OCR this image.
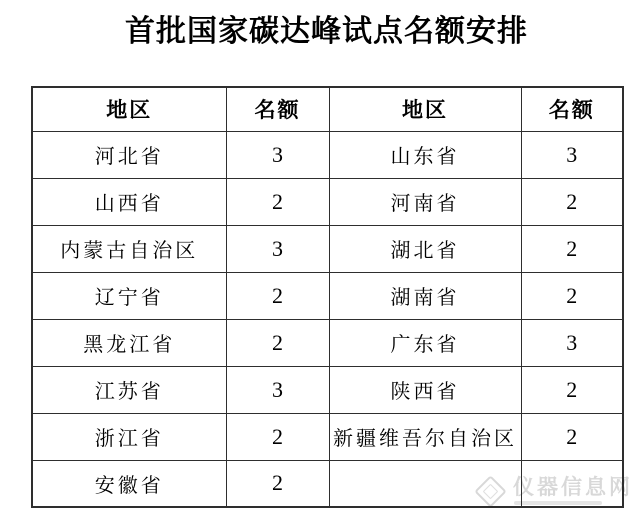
首批国家碳达峰试点名额安排
地区	名额	地区	名额
河北省	3	山东省	3
山西省	2	河南省	2
内蒙古自治区	3	湖北省	2
辽宁省	2	湖南省	2
黑龙江省	2	广东省	3
江苏省	3	陕西省	2
浙江省	2	新疆维吾尔自治区	2
安徽省	2			仪器信息网
